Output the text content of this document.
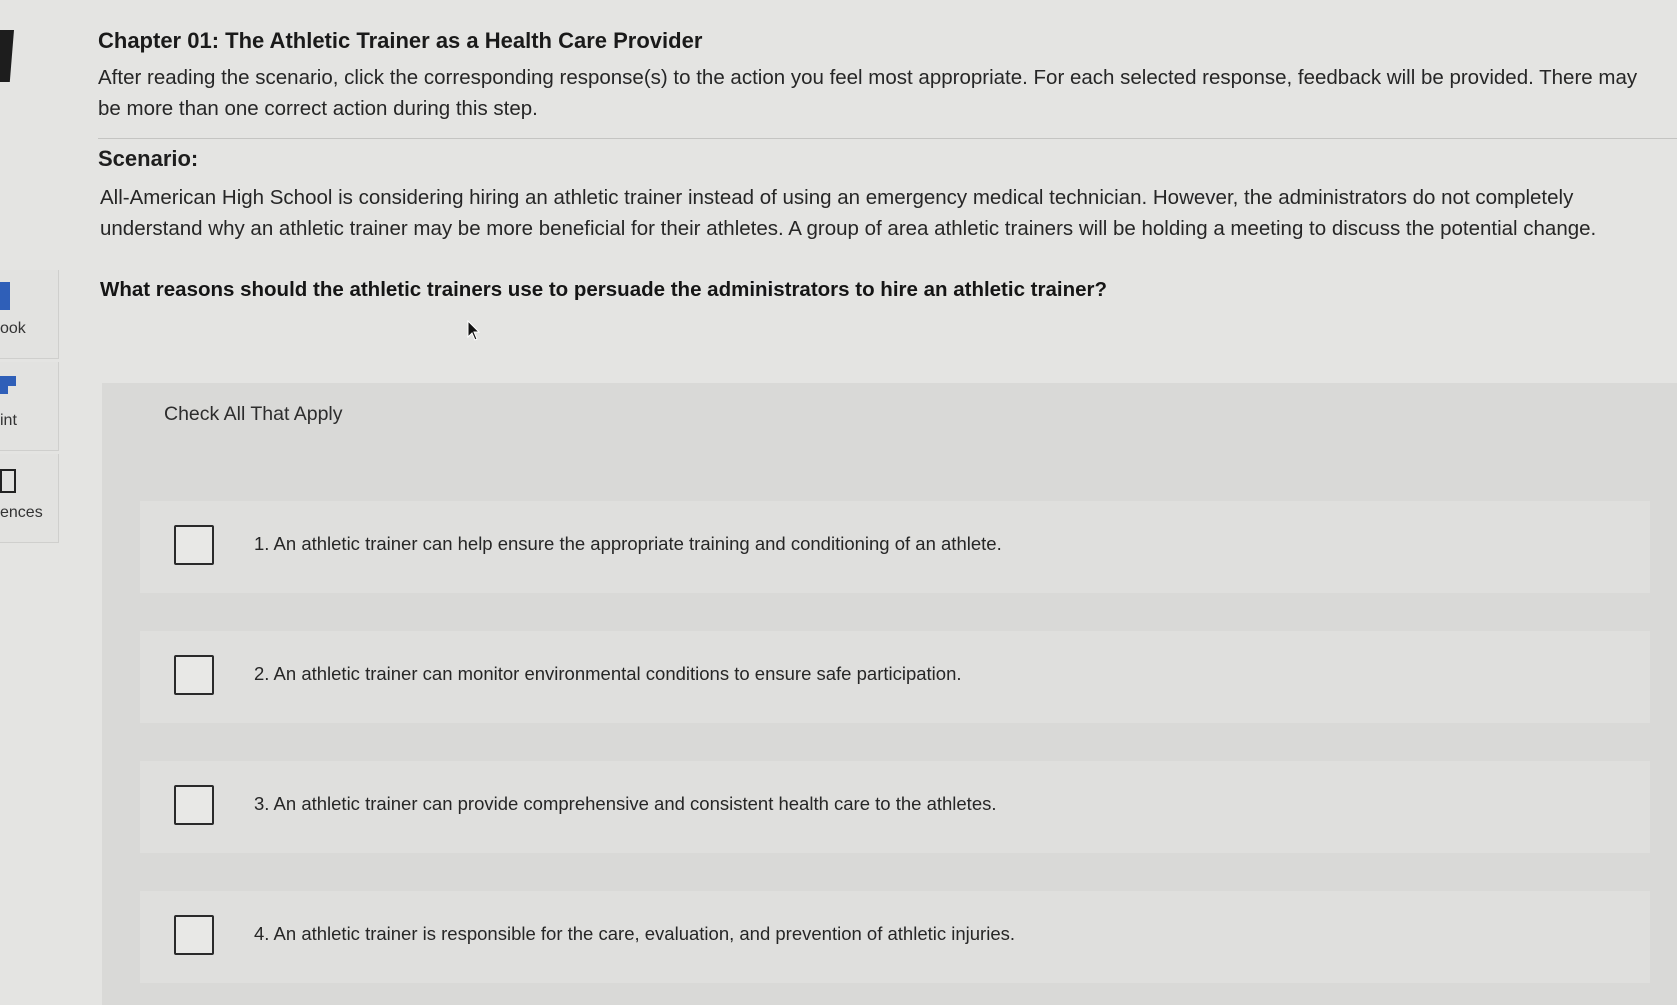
ook
int
ences
Chapter 01: The Athletic Trainer as a Health Care Provider
After reading the scenario, click the corresponding response(s) to the action you feel most appropriate. For each selected response, feedback will be provided. There may be more than one correct action during this step.
Scenario:
All-American High School is considering hiring an athletic trainer instead of using an emergency medical technician. However, the administrators do not completely understand why an athletic trainer may be more beneficial for their athletes. A group of area athletic trainers will be holding a meeting to discuss the potential change.
What reasons should the athletic trainers use to persuade the administrators to hire an athletic trainer?
Check All That Apply
1. An athletic trainer can help ensure the appropriate training and conditioning of an athlete.
2. An athletic trainer can monitor environmental conditions to ensure safe participation.
3. An athletic trainer can provide comprehensive and consistent health care to the athletes.
4. An athletic trainer is responsible for the care, evaluation, and prevention of athletic injuries.
